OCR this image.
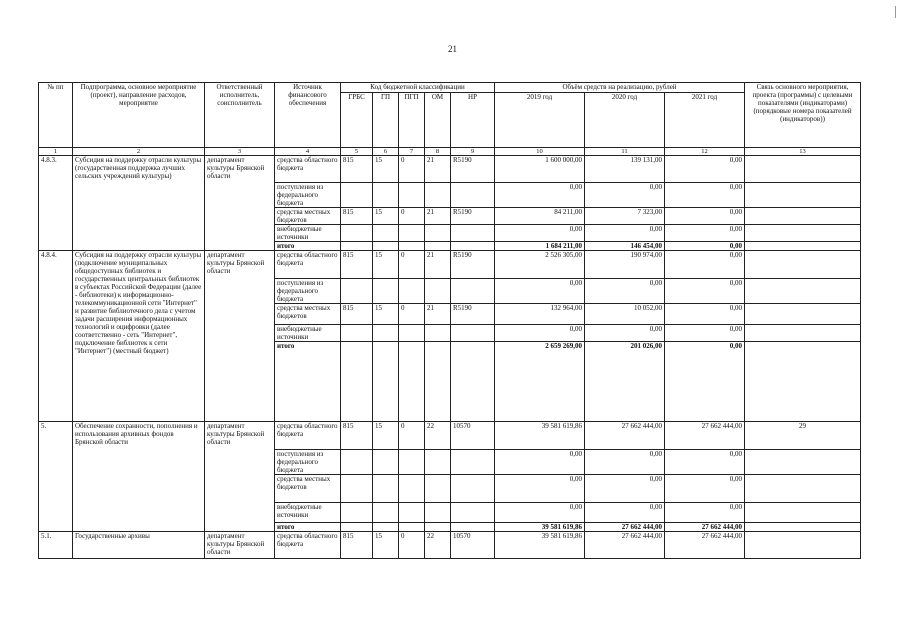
21
№ пп	Подпрограмма, основное мероприятие (проект), направление расходов, мероприятие	Ответственный исполнитель, соисполнитель	Источник финансового обеспечения	Код бюджетной классификации					Объём средств на реализацию, рублей			Связь основного мероприятия, проекта (программы) с целевыми показателями (индикаторами) (порядковые номера показателей (индикаторов))
				ГРБС	ГП	ПГП	ОМ	НР	2019 год	2020 год	2021 год	
1	2	3	4	5	6	7	8	9	10	11	12	13
4.8.3.	Субсидия на поддержку отрасли культуры (государственная поддержка лучших сельских учреждений культуры)	департамент культуры Брянской области	средства областного бюджета	815	15	0	21	R5190	1 600 000,00	139 131,00	0,00	
			поступления из федерального бюджета						0,00	0,00	0,00	
			средства местных бюджетов	815	15	0	21	R5190	84 211,00	7 323,00	0,00	
			внебюджетные источники						0,00	0,00	0,00	
			итого						1 684 211,00	146 454,00	0,00	
4.8.4.	Субсидия на поддержку отрасли культуры (подключение муниципальных общедоступных библиотек и государственных центральных библиотек в субъектах Российской Федерации (далее - библиотеки) к информационно-телекоммуникационной сети "Интернет" и развитие библиотечного дела с учетом задачи расширения информационных технологий и оцифровки (далее соответственно - сеть "Интернет", подключение библиотек к сети "Интернет") (местный бюджет)	департамент культуры Брянской области	средства областного бюджета	815	15	0	21	R5190	2 526 305,00	190 974,00	0,00	
			поступления из федерального бюджета						0,00	0,00	0,00	
			средства местных бюджетов	815	15	0	21	R5190	132 964,00	10 052,00	0,00	
			внебюджетные источники						0,00	0,00	0,00	
			итого						2 659 269,00	201 026,00	0,00	
5.	Обеспечение сохранности, пополнения и использования архивных фондов Брянской области	департамент культуры Брянской области	средства областного бюджета	815	15	0	22	10570	39 581 619,86	27 662 444,00	27 662 444,00	29
			поступления из федерального бюджета						0,00	0,00	0,00	
			средства местных бюджетов						0,00	0,00	0,00	
			внебюджетные источники						0,00	0,00	0,00	
			итого						39 581 619,86	27 662 444,00	27 662 444,00	
5.1.	Государственные архивы	департамент культуры Брянской области	средства областного бюджета	815	15	0	22	10570	39 581 619,86	27 662 444,00	27 662 444,00	
